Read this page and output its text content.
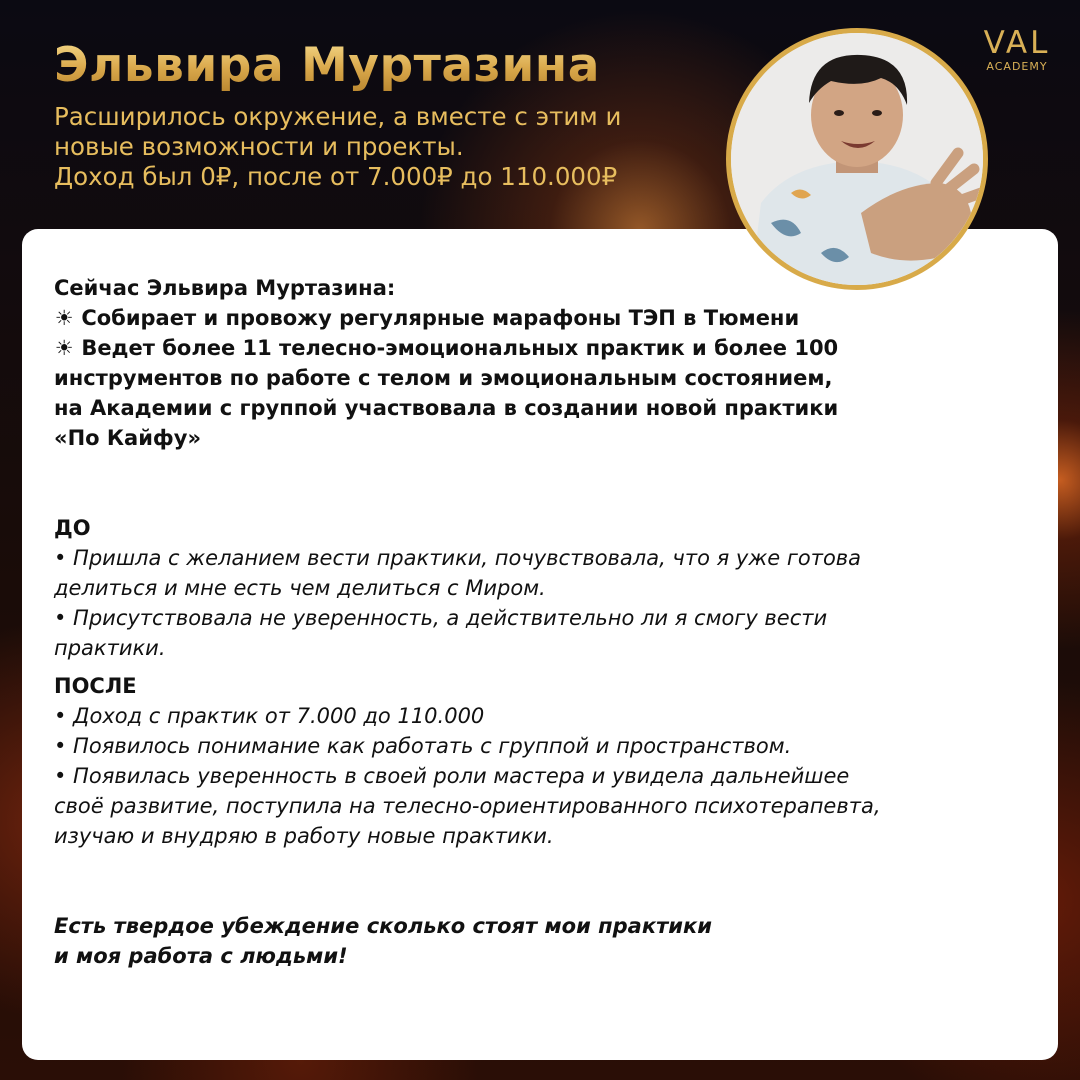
Эльвира Муртазина
Расширилось окружение, а вместе с этим и
новые возможности и проекты.
Доход был 0₽, после от 7.000₽ до 110.000₽
VAL
ACADEMY

Сейчас Эльвира Муртазина:

☀ Собирает и провожу регулярные марафоны ТЭП в Тюмени

☀ Ведет более 11 телесно-эмоциональных практик и более 100

инструментов по работе с телом и эмоциональным состоянием,

на Академии с группой участвовала в создании новой практики

«По Кайфу»

ДО

• Пришла с желанием вести практики, почувствовала, что я уже готова

делиться и мне есть чем делиться с Миром.

• Присутствовала не уверенность, а действительно ли я смогу вести

практики.

ПОСЛЕ

• Доход с практик от 7.000 до 110.000

• Появилось понимание как работать с группой и пространством.

• Появилась уверенность в своей роли мастера и увидела дальнейшее

своё развитие, поступила на телесно-ориентированного психотерапевта,

изучаю и внудряю в работу новые практики.

Есть твердое убеждение сколько стоят мои практики

и моя работа с людьми!
